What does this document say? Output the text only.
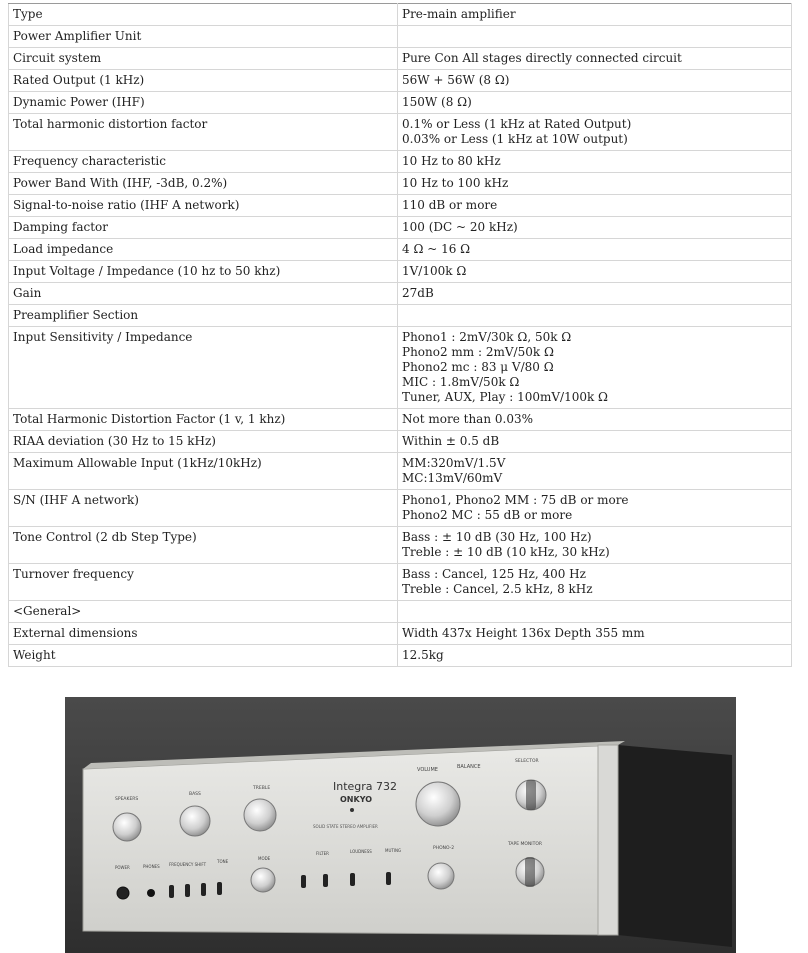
Type	Pre-main amplifier

Power Amplifier Unit	
Circuit system	Pure Con All stages directly connected circuit

Rated Output (1 kHz)	56W + 56W (8 Ω)

Dynamic Power (IHF)	150W (8 Ω)

Total harmonic distortion factor	0.1% or Less (1 kHz at Rated Output)
0.03% or Less (1 kHz at 10W output)

Frequency characteristic	10 Hz to 80 kHz

Power Band With (IHF, -3dB, 0.2%)	10 Hz to 100 kHz

Signal-to-noise ratio (IHF A network)	110 dB or more

Damping factor	100 (DC ~ 20 kHz)

Load impedance	4 Ω ~ 16 Ω

Input Voltage / Impedance (10 hz to 50 khz)	1V/100k Ω

Gain	27dB

Preamplifier Section	
Input Sensitivity / Impedance	Phono1 : 2mV/30k Ω, 50k Ω
Phono2 mm : 2mV/50k Ω
Phono2 mc : 83 μ V/80 Ω
MIC : 1.8mV/50k Ω
Tuner, AUX, Play : 100mV/100k Ω

Total Harmonic Distortion Factor (1 v, 1 khz)	Not more than 0.03%

RIAA deviation (30 Hz to 15 kHz)	Within ± 0.5 dB

Maximum Allowable Input (1kHz/10kHz)	MM:320mV/1.5V
MC:13mV/60mV

S/N (IHF A network)	Phono1, Phono2 MM : 75 dB or more
Phono2 MC : 55 dB or more

Tone Control (2 db Step Type)	Bass : ± 10 dB (30 Hz, 100 Hz)
Treble : ± 10 dB (10 kHz, 30 kHz)

Turnover frequency	Bass : Cancel, 125 Hz, 400 Hz
Treble : Cancel, 2.5 kHz, 8 kHz

<General>	
External dimensions	Width 437x Height 136x Depth 355 mm

Weight	12.5kg
Integra 732
ONKYO
SOLID STATE STEREO AMPLIFIER
SPEAKERS
BASS
TREBLE
VOLUME	BALANCE
SELECTOR
POWER	PHONES FREQUENCY SHIFT
TONE
MODE
FILTER	LOUDNESS	MUTING	PHONO-2
TAPE MONITOR
